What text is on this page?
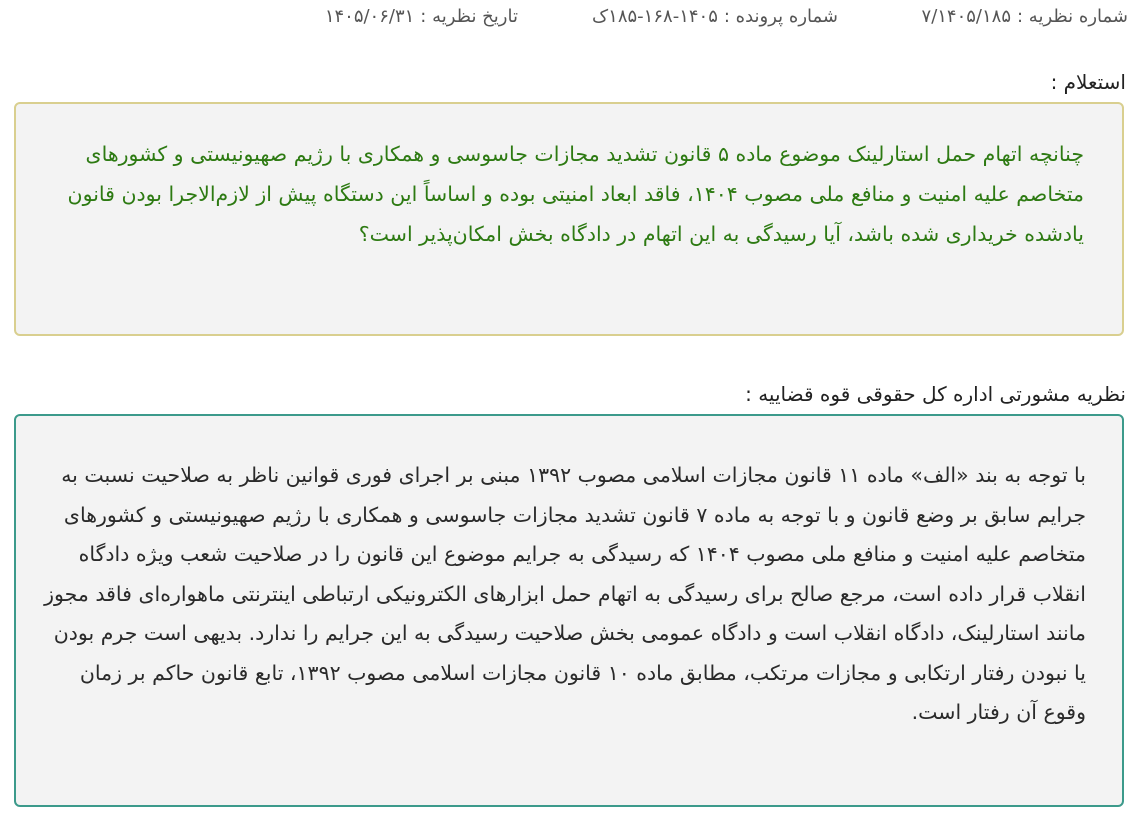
شماره نظریه :۷/۱۴۰۵/۱۸۵
شماره پرونده :۱۴۰۵-۱۶۸-۱۸۵ک
تاریخ نظریه :۱۴۰۵/۰۶/۳۱
استعلام :

چنانچه اتهام حمل استارلینک موضوع ماده ۵ قانون تشدید مجازات جاسوسی و همکاری با رژیم صهیونیستی و کشورهای متخاصم علیه امنیت و منافع ملی مصوب ۱۴۰۴، فاقد ابعاد امنیتی بوده و اساساً این دستگاه پیش از لازم‌الاجرا بودن قانون یادشده خریداری شده باشد، آیا رسیدگی به این اتهام در دادگاه بخش امکان‌پذیر است؟

نظریه مشورتی اداره کل حقوقی قوه قضاییه :

با توجه به بند «الف» ماده ۱۱ قانون مجازات اسلامی مصوب ۱۳۹۲ مبنی بر اجرای فوری قوانین ناظر به صلاحیت نسبت به جرایم سابق بر وضع قانون و با توجه به ماده ۷ قانون تشدید مجازات جاسوسی و همکاری با رژیم صهیونیستی و کشورهای متخاصم علیه امنیت و منافع ملی مصوب ۱۴۰۴ که رسیدگی به جرایم موضوع این قانون را در صلاحیت شعب ویژه دادگاه انقلاب قرار داده است، مرجع صالح برای رسیدگی به اتهام حمل ابزارهای الکترونیکی ارتباطی اینترنتی ماهواره‌ای فاقد مجوز مانند استارلینک، دادگاه انقلاب است و دادگاه عمومی بخش صلاحیت رسیدگی به این جرایم را ندارد. بدیهی است جرم بودن یا نبودن رفتار ارتکابی و مجازات مرتکب، مطابق ماده ۱۰ قانون مجازات اسلامی مصوب ۱۳۹۲، تابع قانون حاکم بر زمان وقوع آن رفتار است.
